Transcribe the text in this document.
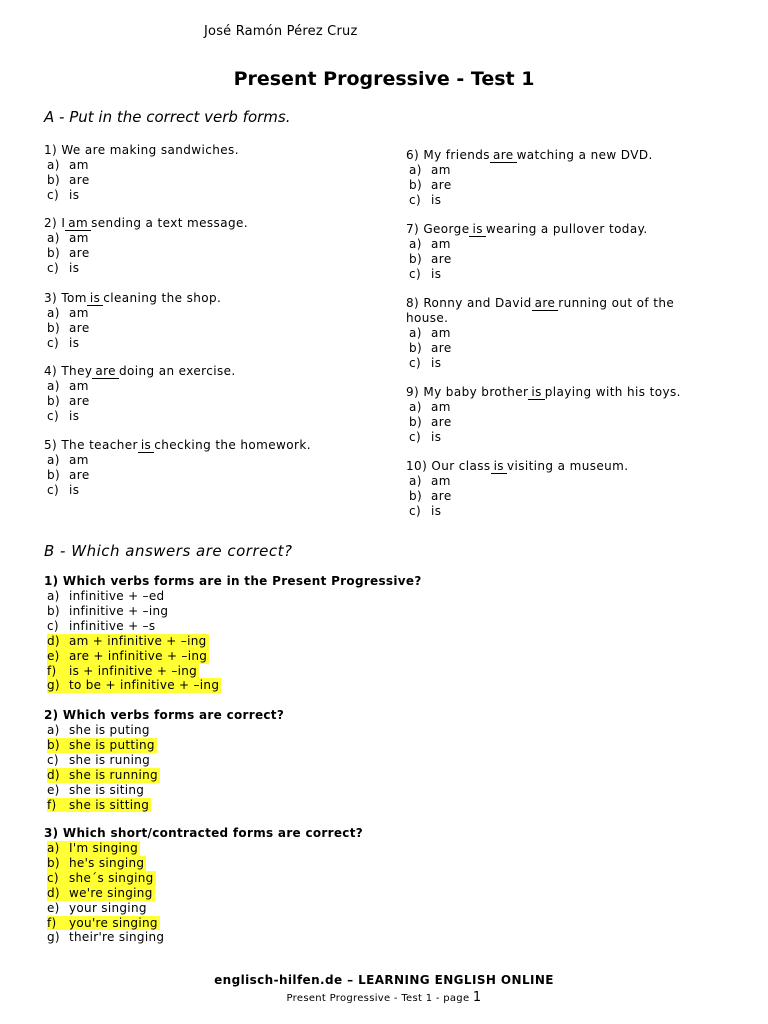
José Ramón Pérez Cruz
Present Progressive - Test 1
A - Put in the correct verb forms.
1) We are making sandwiches.
a) am
b) are
c) is
2) I am sending a text message.
a) am
b) are
c) is
3) Tom is cleaning the shop.
a) am
b) are
c) is
4) They are doing an exercise.
a) am
b) are
c) is
5) The teacher is checking the homework.
a) am
b) are
c) is
6) My friends are watching a new DVD.
a) am
b) are
c) is
7) George is wearing a pullover today.
a) am
b) are
c) is
8) Ronny and David are running out of the house.
a) am
b) are
c) is
9) My baby brother is playing with his toys.
a) am
b) are
c) is
10) Our class is visiting a museum.
a) am
b) are
c) is
B - Which answers are correct?
1) Which verbs forms are in the Present Progressive?
a) infinitive + –ed
b) infinitive + –ing
c) infinitive + –s
d) am + infinitive + –ing
e) are + infinitive + –ing
f) is + infinitive + –ing
g) to be + infinitive + –ing
2) Which verbs forms are correct?
a) she is puting
b) she is putting
c) she is runing
d) she is running
e) she is siting
f) she is sitting
3) Which short/contracted forms are correct?
a) I'm singing
b) he's singing
c) she´s singing
d) we're singing
e) your singing
f) you're singing
g) their're singing
englisch-hilfen.de – LEARNING ENGLISH ONLINE
Present Progressive - Test 1 - page 1
